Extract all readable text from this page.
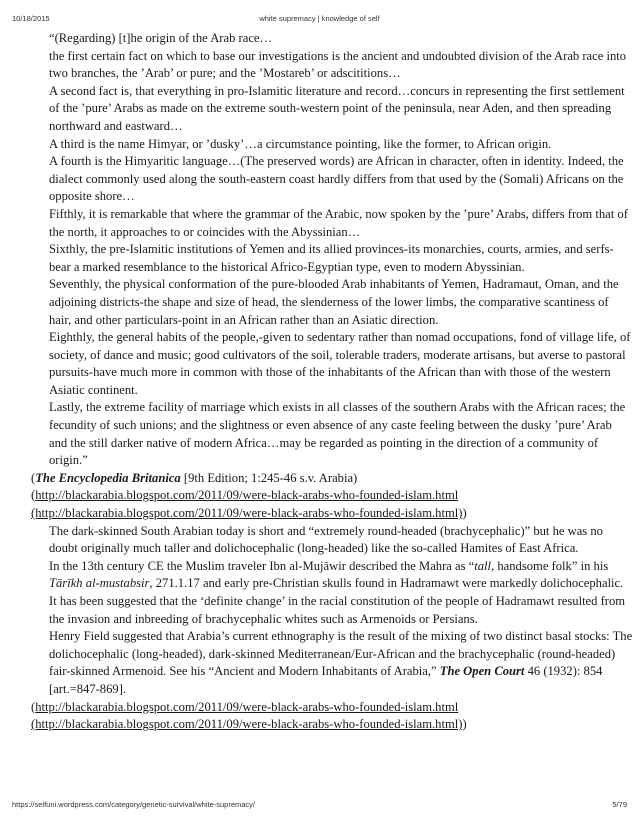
10/18/2015	white supremacy | knowledge of self

“(Regarding) [t]he origin of the Arab race…

the first certain fact on which to base our investigations is the ancient and undoubted division of the Arab race into two branches, the ’Arab’ or pure; and the ’Mostareb’ or adscititions…

A second fact is, that everything in pro-Islamitic literature and record…concurs in representing the first settlement of the ’pure’ Arabs as made on the extreme south-western point of the peninsula, near Aden, and then spreading northward and eastward…

A third is the name Himyar, or ’dusky’…a circumstance pointing, like the former, to African origin.

A fourth is the Himyaritic language…(The preserved words) are African in character, often in identity. Indeed, the dialect commonly used along the south-eastern coast hardly differs from that used by the (Somali) Africans on the opposite shore…

Fifthly, it is remarkable that where the grammar of the Arabic, now spoken by the ’pure’ Arabs, differs from that of the north, it approaches to or coincides with the Abyssinian…

Sixthly, the pre-Islamitic institutions of Yemen and its allied provinces-its monarchies, courts, armies, and serfs-bear a marked resemblance to the historical Africo-Egyptian type, even to modern Abyssinian.

Seventhly, the physical conformation of the pure-blooded Arab inhabitants of Yemen, Hadramaut, Oman, and the adjoining districts-the shape and size of head, the slenderness of the lower limbs, the comparative scantiness of hair, and other particulars-point in an African rather than an Asiatic direction.

Eighthly, the general habits of the people,-given to sedentary rather than nomad occupations, fond of village life, of society, of dance and music; good cultivators of the soil, tolerable traders, moderate artisans, but averse to pastoral pursuits-have much more in common with those of the inhabitants of the African than with those of the western Asiatic continent.

Lastly, the extreme facility of marriage which exists in all classes of the southern Arabs with the African races; the fecundity of such unions; and the slightness or even absence of any caste feeling between the dusky ’pure’ Arab and the still darker native of modern Africa…may be regarded as pointing in the direction of a community of origin.”

(The Encyclopedia Britanica [9th Edition; 1:245-46 s.v. Arabia)

(http://blackarabia.blogspot.com/2011/09/were-black-arabs-who-founded-islam.html

(http://blackarabia.blogspot.com/2011/09/were-black-arabs-who-founded-islam.html))

The dark-skinned South Arabian today is short and “extremely round-headed (brachycephalic)” but he was no doubt originally much taller and dolichocephalic (long-headed) like the so-called Hamites of East Africa.

In the 13th century CE the Muslim traveler Ibn al-Mujāwir described the Mahra as “tall, handsome folk” in his Tārīkh al-mustabsir, 271.1.17 and early pre-Christian skulls found in Hadramawt were markedly dolichocephalic.

It has been suggested that the ‘definite change’ in the racial constitution of the people of Hadramawt resulted from the invasion and inbreeding of brachycephalic whites such as Armenoids or Persians.

Henry Field suggested that Arabia’s current ethnography is the result of the mixing of two distinct basal stocks: The dolichocephalic (long-headed), dark-skinned Mediterranean/Eur-African and the brachycephalic (round-headed) fair-skinned Armenoid. See his “Ancient and Modern Inhabitants of Arabia,” The Open Court 46 (1932): 854 [art.=847-869].

(http://blackarabia.blogspot.com/2011/09/were-black-arabs-who-founded-islam.html

(http://blackarabia.blogspot.com/2011/09/were-black-arabs-who-founded-islam.html))

https://selfuni.wordpress.com/category/genetic-survival/white-supremacy/	5/79
